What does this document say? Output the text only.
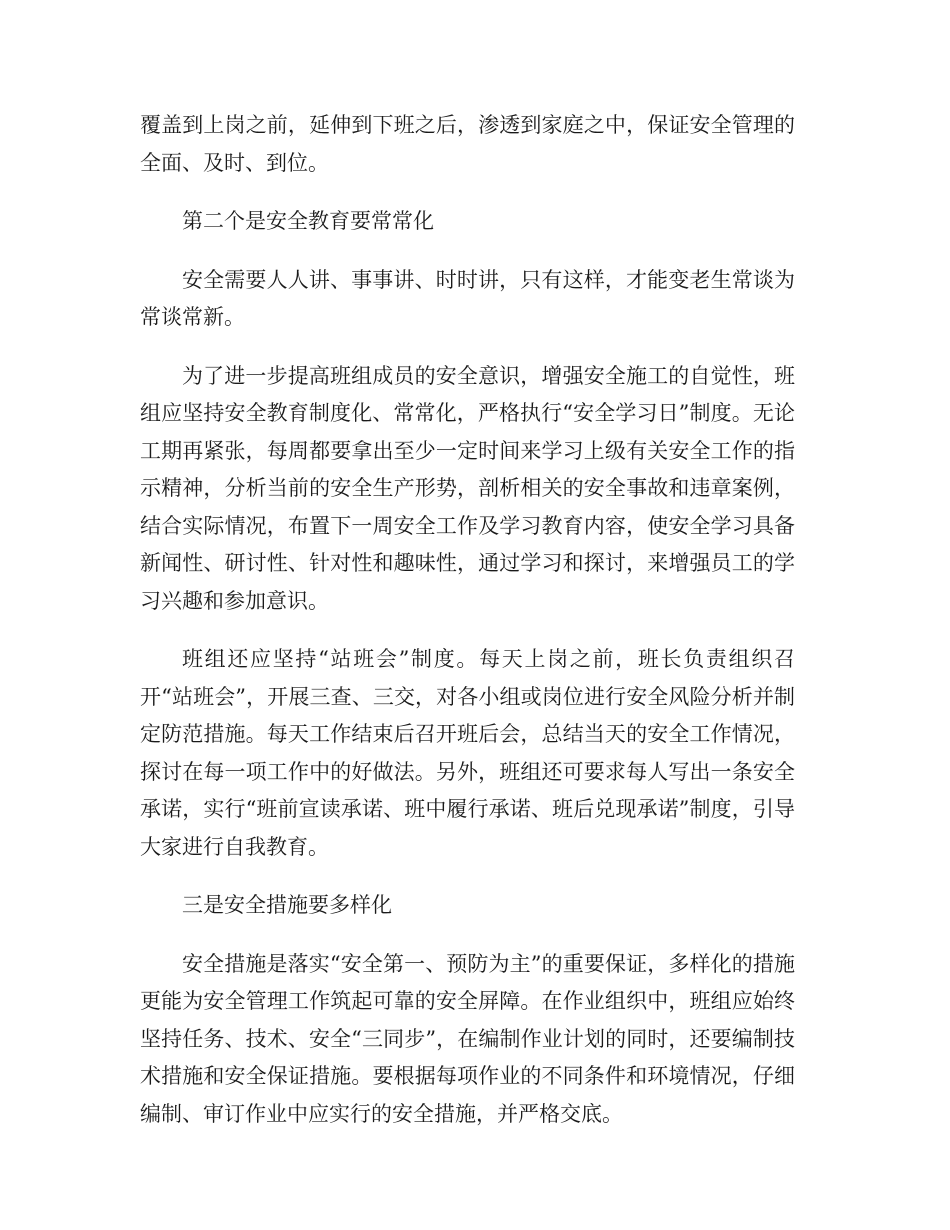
覆盖到上岗之前，延伸到下班之后，渗透到家庭之中，保证安全管理的全面、及时、到位。

第二个是安全教育要常常化

安全需要人人讲、事事讲、时时讲，只有这样，才能变老生常谈为常谈常新。

为了进一步提高班组成员的安全意识，增强安全施工的自觉性，班组应坚持安全教育制度化、常常化，严格执行“安全学习日”制度。无论工期再紧张，每周都要拿出至少一定时间来学习上级有关安全工作的指示精神，分析当前的安全生产形势，剖析相关的安全事故和违章案例，结合实际情况，布置下一周安全工作及学习教育内容，使安全学习具备新闻性、研讨性、针对性和趣味性，通过学习和探讨，来增强员工的学习兴趣和参加意识。

班组还应坚持“站班会”制度。每天上岗之前，班长负责组织召开“站班会”，开展三查、三交，对各小组或岗位进行安全风险分析并制定防范措施。每天工作结束后召开班后会，总结当天的安全工作情况，探讨在每一项工作中的好做法。另外，班组还可要求每人写出一条安全承诺，实行“班前宣读承诺、班中履行承诺、班后兑现承诺”制度，引导大家进行自我教育。

三是安全措施要多样化

安全措施是落实“安全第一、预防为主”的重要保证，多样化的措施更能为安全管理工作筑起可靠的安全屏障。在作业组织中，班组应始终坚持任务、技术、安全“三同步”，在编制作业计划的同时，还要编制技术措施和安全保证措施。要根据每项作业的不同条件和环境情况，仔细编制、审订作业中应实行的安全措施，并严格交底。
